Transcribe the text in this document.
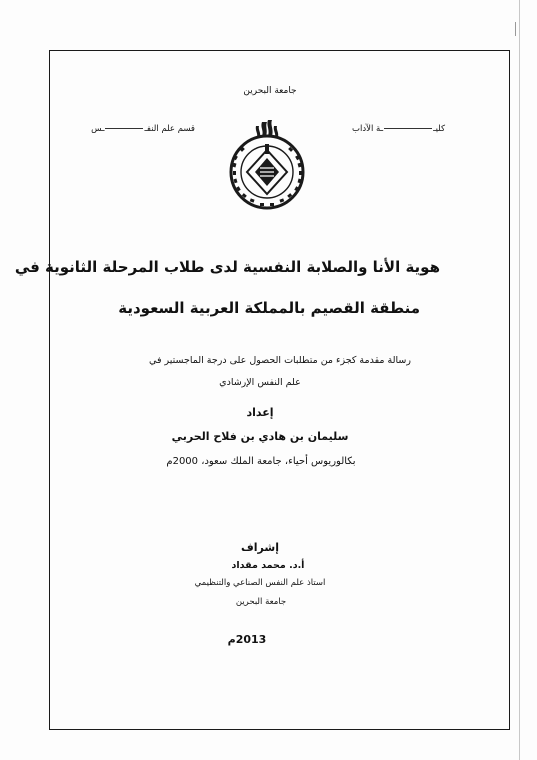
جامعة البحرين
كليــة الآداب
قسم علم النفــس
هوية الأنا والصلابة النفسية لدى طلاب المرحلة الثانوية في
منطقة القصيم بالمملكة العربية السعودية
رسالة مقدمة كجزء من متطلبات الحصول على درجة الماجستير في
علم النفس الإرشادي
إعداد
سليمان بن هادي بن فلاح الحربي
بكالوريوس أحياء، جامعة الملك سعود، 2000م
إشراف
أ.د. محمد مقداد
استاذ علم النفس الصناعي والتنظيمي
جامعة البحرين
2013م
